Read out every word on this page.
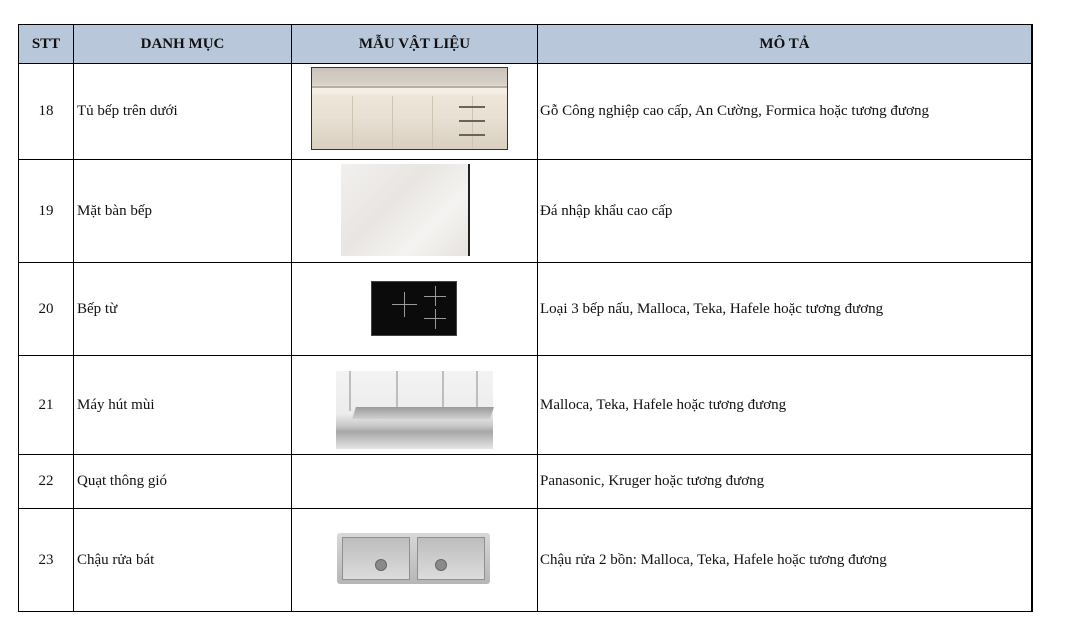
STT	DANH MỤC	MẪU VẬT LIỆU	MÔ TẢ
18	Tủ bếp trên dưới		Gỗ Công nghiệp cao cấp, An Cường, Formica hoặc tương đương
19	Mặt bàn bếp		Đá nhập khẩu cao cấp
20	Bếp từ		Loại 3 bếp nấu, Malloca, Teka, Hafele hoặc tương đương
21	Máy hút mùi		Malloca, Teka, Hafele hoặc tương đương
22	Quạt thông gió		Panasonic, Kruger hoặc tương đương
23	Chậu rửa bát		Chậu rửa 2 bồn: Malloca, Teka, Hafele hoặc tương đương
